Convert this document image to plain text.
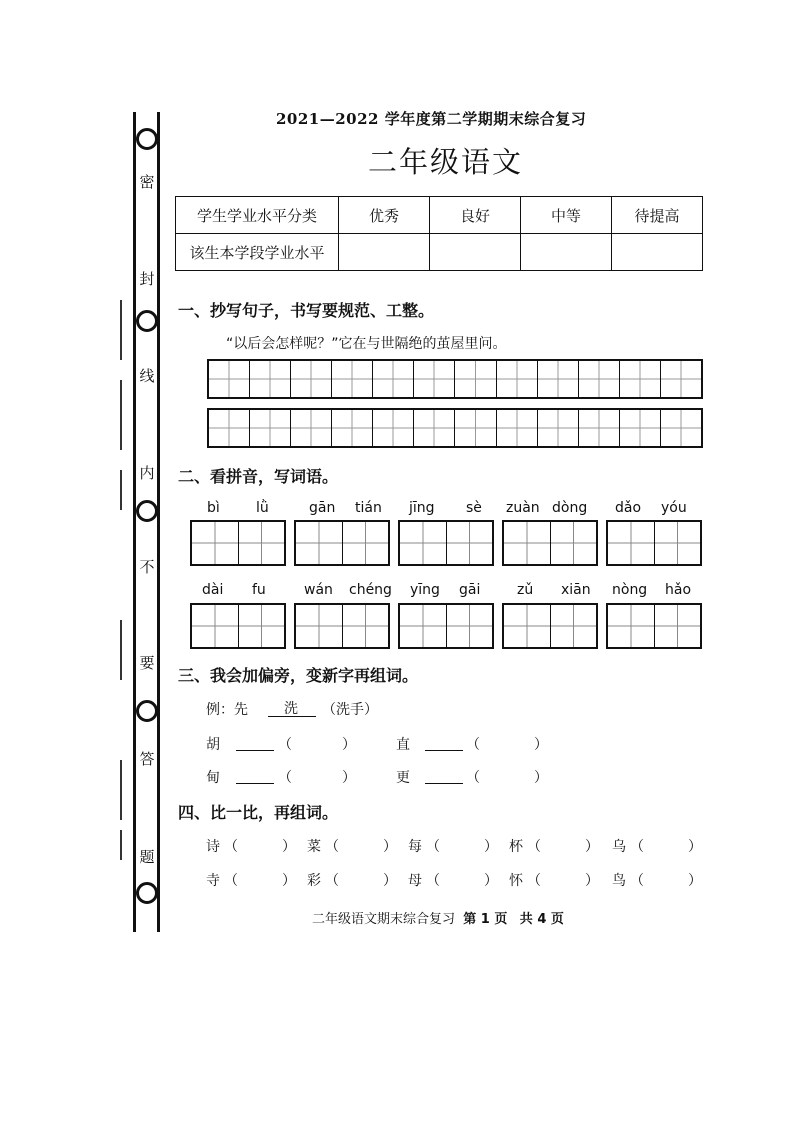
密
封
线
内
不
要
答
题
2021—2022 学年度第二学期期末综合复习
二年级语文
学生学业水平分类	优秀	良好	中等	待提高
该生本学段学业水平				
一、抄写句子，书写要规范、工整。
“以后会怎样呢？”它在与世隔绝的茧屋里问。
二、看拼音，写词语。
bì	lǜ	gān tián jīng sè zuàn dòng dǎo yóu
dài fu	wán chéng yīng gāi	zǔ xiān nòng hǎo
三、我会加偏旁，变新字再组词。
例：先	洗 （洗手）
胡	（	）	直	（	）
甸	（	）	更	（	）
四、比一比，再组词。
诗 （	） 菜 （	） 每 （	） 杯 （	） 乌 （	）
寺 （	） 彩 （	） 母 （	） 怀 （	） 鸟 （	）
二年级语文期末综合复习 第 1 页 共 4 页
